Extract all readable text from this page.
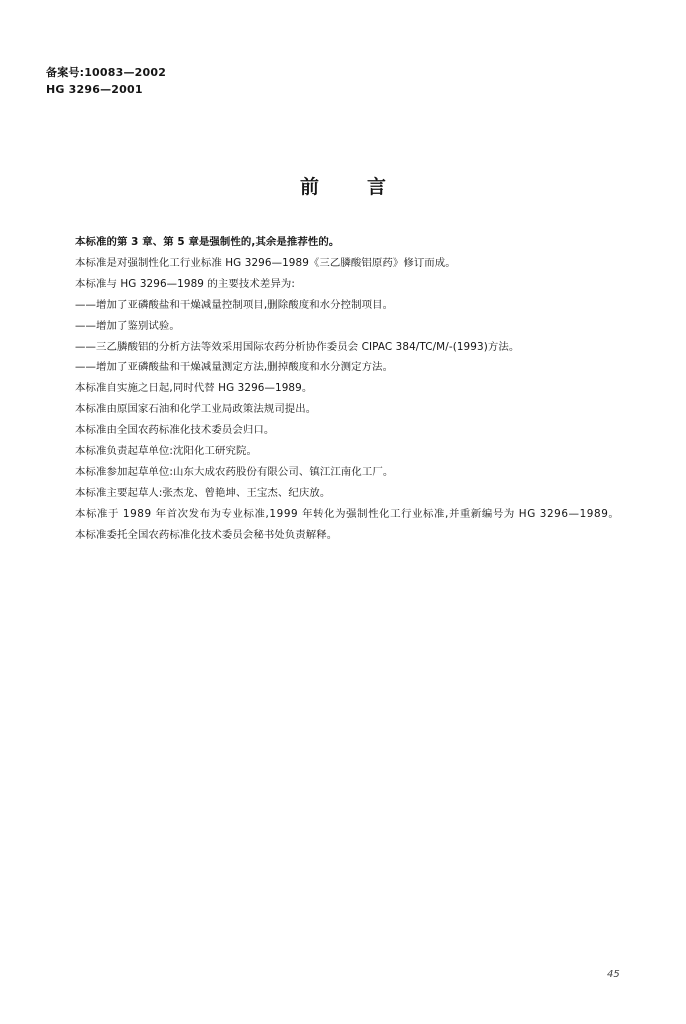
备案号:10083—2002
HG 3296—2001
前言

本标准的第 3 章、第 5 章是强制性的,其余是推荐性的。

本标准是对强制性化工行业标准 HG 3296—1989《三乙膦酸铝原药》修订而成。

本标准与 HG 3296—1989 的主要技术差异为:

——增加了亚磷酸盐和干燥减量控制项目,删除酸度和水分控制项目。

——增加了鉴别试验。

——三乙膦酸铝的分析方法等效采用国际农药分析协作委员会 CIPAC 384/TC/M/-(1993)方法。

——增加了亚磷酸盐和干燥减量测定方法,删掉酸度和水分测定方法。

本标准自实施之日起,同时代替 HG 3296—1989。

本标准由原国家石油和化学工业局政策法规司提出。

本标准由全国农药标准化技术委员会归口。

本标准负责起草单位:沈阳化工研究院。

本标准参加起草单位:山东大成农药股份有限公司、镇江江南化工厂。

本标准主要起草人:张杰龙、曾艳坤、王宝杰、纪庆放。

本标准于 1989 年首次发布为专业标准,1999 年转化为强制性化工行业标准,并重新编号为 HG 3296—1989。

本标准委托全国农药标准化技术委员会秘书处负责解释。

45
